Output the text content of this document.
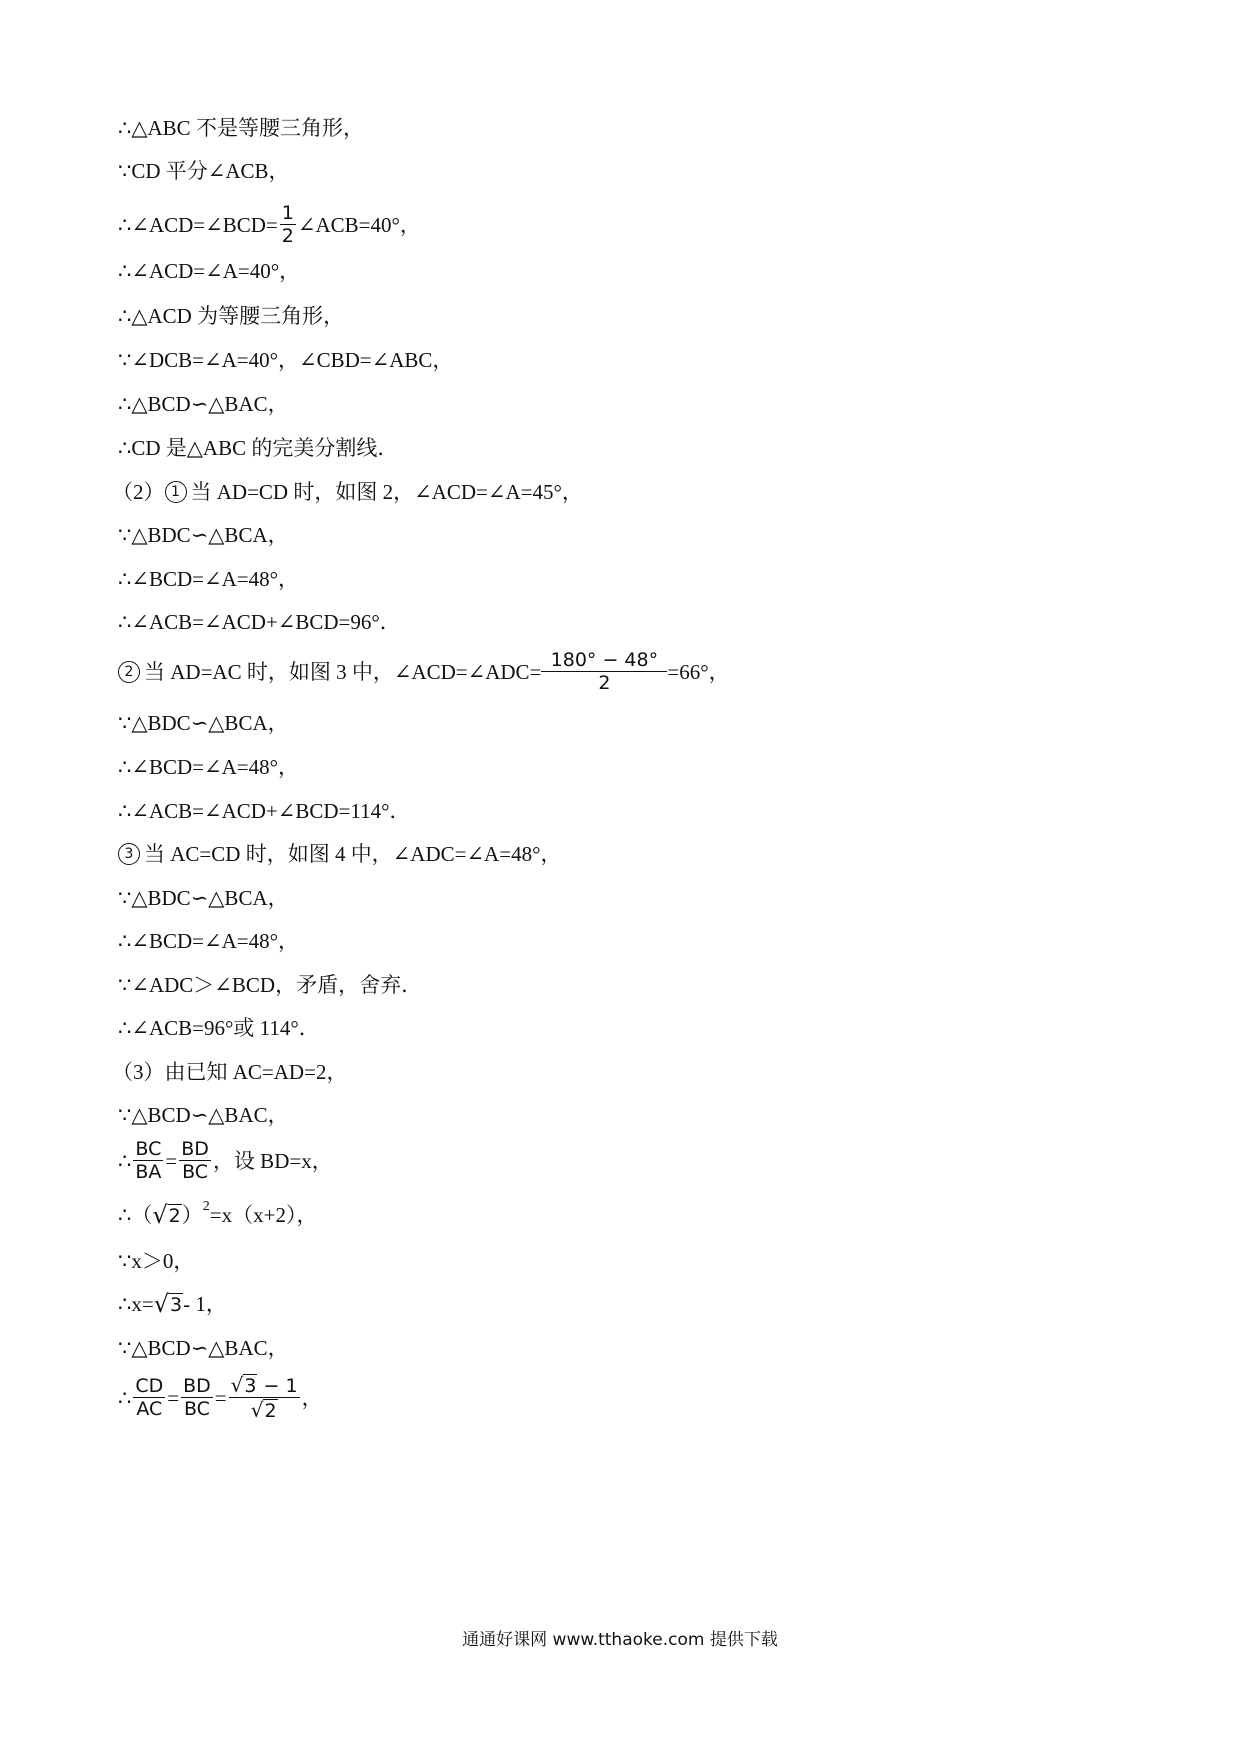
∴△ABC 不是等腰三角形，
∵CD 平分∠ACB，
∴∠ACD=∠BCD= $\frac{1}{2}$ ∠ACB=40°，
∴∠ACD=∠A=40°，
∴△ACD 为等腰三角形，
∵∠DCB=∠A=40°，∠CBD=∠ABC，
∴△BCD∽△BAC，
∴CD 是△ABC 的完美分割线．
（2） 1 当 AD=CD 时，如图 2，∠ACD=∠A=45°，
∵△BDC∽△BCA，
∴∠BCD=∠A=48°，
∴∠ACB=∠ACD+∠BCD=96°．
2 当 AD=AC 时，如图 3 中，∠ACD=∠ADC= $\frac{180^\circ - 48^\circ}{2} =66^\circ$，
∵△BDC∽△BCA，
∴∠BCD=∠A=48°，
∴∠ACB=∠ACD+∠BCD=114°．
3 当 AC=CD 时，如图 4 中，∠ADC=∠A=48°，
∵△BDC∽△BCA，
∴∠BCD=∠A=48°，
∵∠ADC＞∠BCD，矛盾，舍弃．
∴∠ACB=96°或 114°．
（3）由已知 AC=AD=2，
∵△BCD∽△BAC，
∴ $\frac{BC}{BA} = \frac{BD}{BC}$ ，设 BD=x，
∴（ √ 2 ） 2 =x（x+2），
∵x＞0，
∴x= √ 3 - 1，
∵△BCD∽△BAC，
∴ $\frac{CD}{AC} = \frac{BD}{BC} = \frac{√ 3 - 1}{√ 2}$ ，
通通好课网 www.tthaoke.com 提供下载
